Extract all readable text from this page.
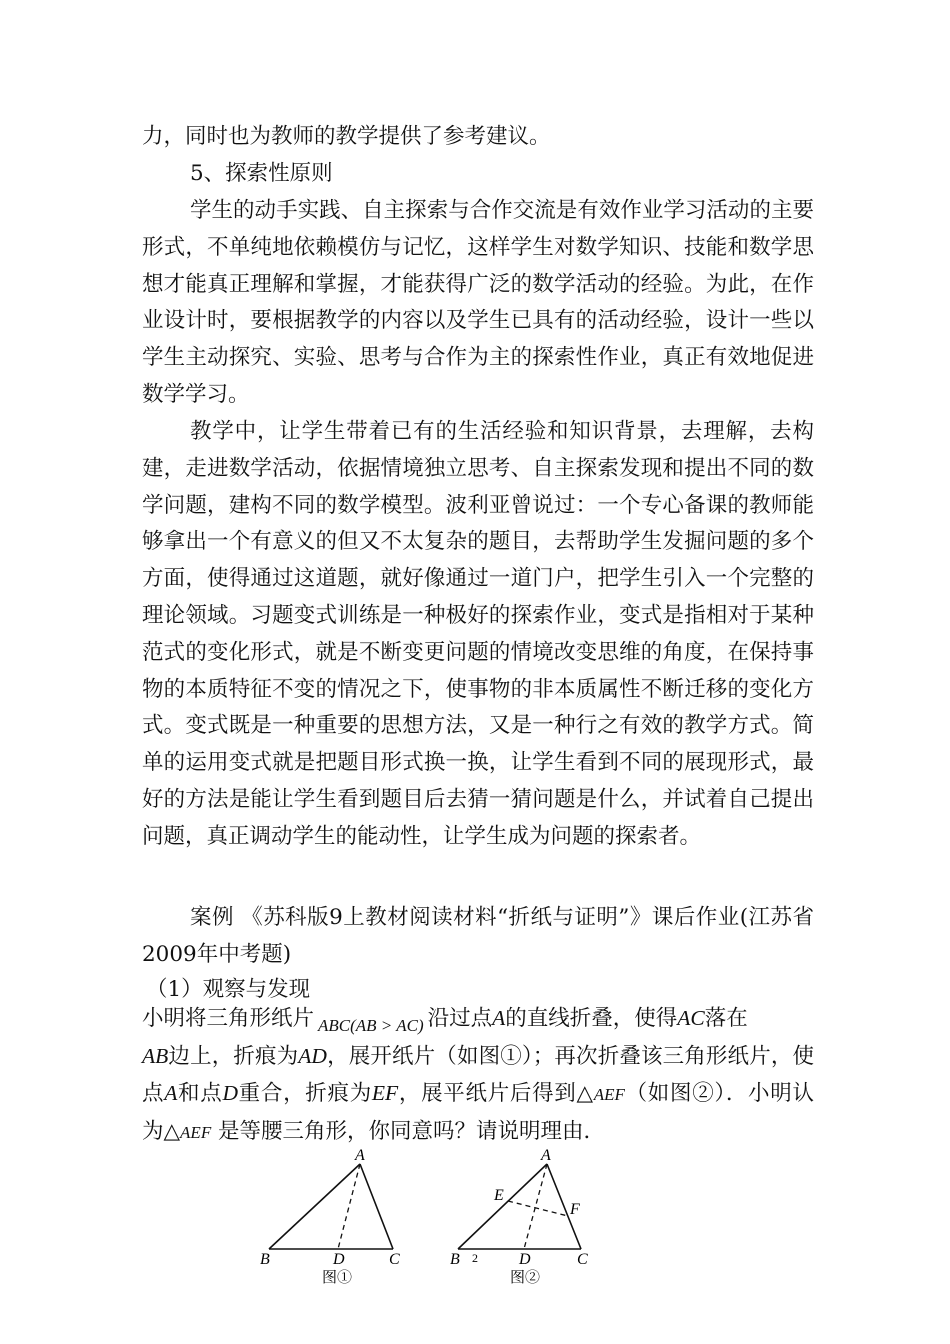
力，同时也为教师的教学提供了参考建议。

5、探索性原则

学生的动手实践、自主探索与合作交流是有效作业学习活动的主要形式，不单纯地依赖模仿与记忆，这样学生对数学知识、技能和数学思想才能真正理解和掌握，才能获得广泛的数学活动的经验。为此，在作业设计时，要根据教学的内容以及学生已具有的活动经验，设计一些以学生主动探究、实验、思考与合作为主的探索性作业，真正有效地促进数学学习。

教学中，让学生带着已有的生活经验和知识背景，去理解，去构建，走进数学活动，依据情境独立思考、自主探索发现和提出不同的数学问题，建构不同的数学模型。波利亚曾说过：一个专心备课的教师能够拿出一个有意义的但又不太复杂的题目，去帮助学生发掘问题的多个方面，使得通过这道题，就好像通过一道门户，把学生引入一个完整的理论领域。习题变式训练是一种极好的探索作业，变式是指相对于某种范式的变化形式，就是不断变更问题的情境改变思维的角度，在保持事物的本质特征不变的情况之下，使事物的非本质属性不断迁移的变化方式。变式既是一种重要的思想方法，又是一种行之有效的教学方式。简单的运用变式就是把题目形式换一换，让学生看到不同的展现形式，最好的方法是能让学生看到题目后去猜一猜问题是什么，并试着自己提出问题，真正调动学生的能动性，让学生成为问题的探索者。

案例 《苏科版9上教材阅读材料“折纸与证明”》课后作业(江苏省2009年中考题)

（1）观察与发现

小明将三角形纸片 $_{ABC(AB > AC)}$ 沿过点A的直线折叠，使得AC落在
AB边上，折痕为AD，展开纸片（如图①）；再次折叠该三角形纸片，使点A和点D重合，折痕为EF，展平纸片后得到△AEF（如图②）．小明认为△AEF 是等腰三角形，你同意吗？请说明理由．

A
B	C
D
图①
A
E
F
B 2	D	C
图②
